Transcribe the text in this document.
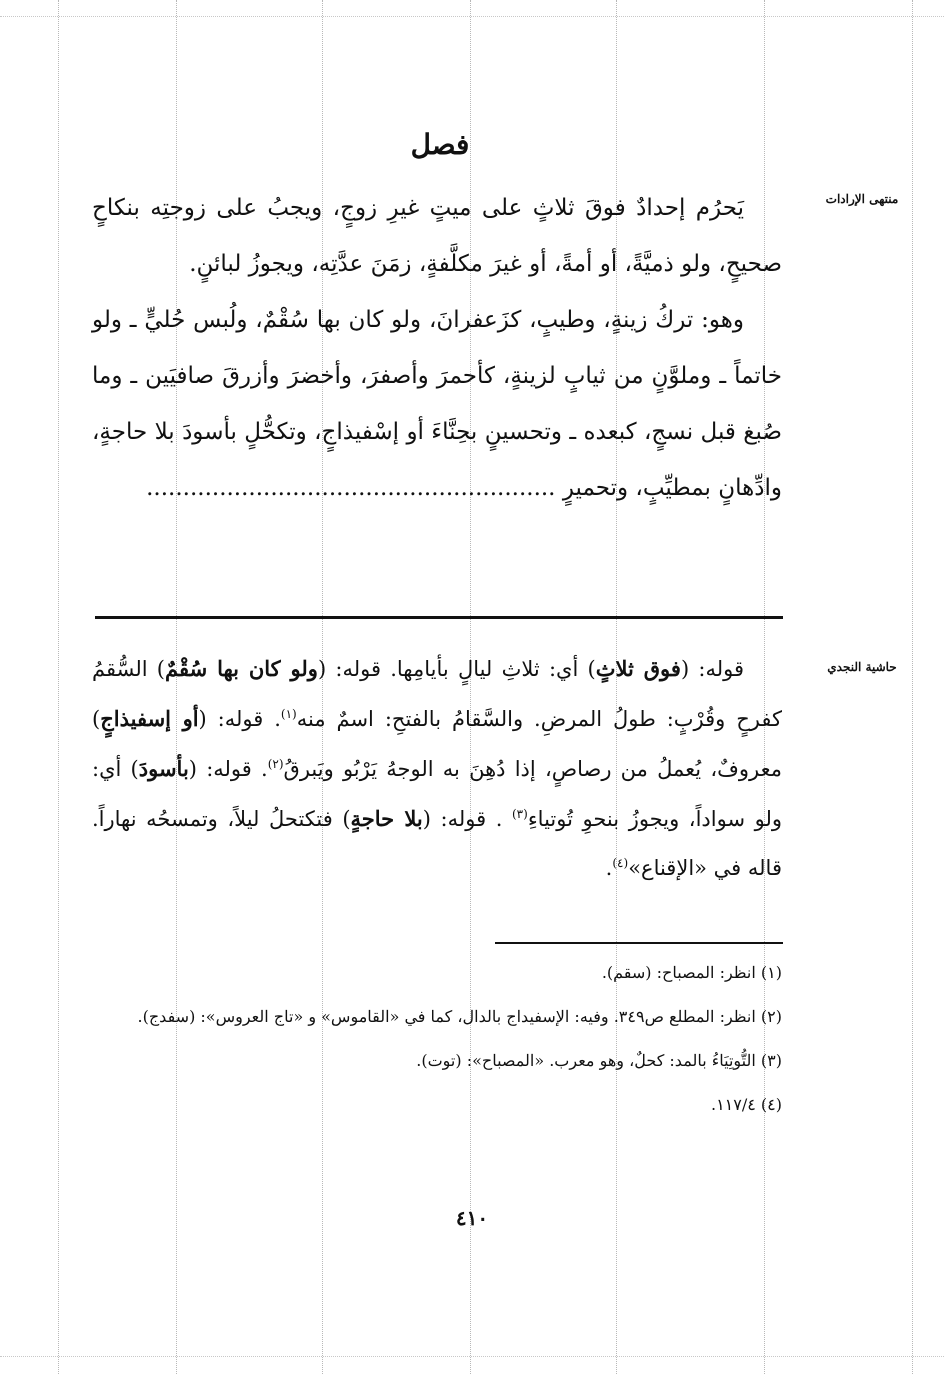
فصل
منتهى الإرادات

يَحرُم إحدادٌ فوقَ ثلاثٍ على ميتٍ غيرِ زوجٍ، ويجبُ على زوجتِه بنكاحٍ صحيحٍ، ولو ذميَّةً، أو أمةً، أو غيرَ مكلَّفةٍ، زمَنَ عدَّتِه، ويجوزُ لبائنٍ.

وهو: تركُ زينةٍ، وطيبٍ، كزَعفرانَ، ولو كان بها سُقْمٌ، ولُبس حُليٍّ ـ ولو خاتماً ـ وملوَّنٍ من ثيابٍ لزينةٍ، كأحمرَ وأصفرَ، وأخضرَ وأزرقَ صافيَين ـ وما صُبغ قبل نسجٍ، كبعده ـ وتحسينٍ بحِنَّاءَ أو إسْفيذاجٍ، وتكحُّلٍ بأسودَ بلا حاجةٍ، وادِّهانٍ بمطيِّبٍ، وتحميرٍ ........................................................

حاشية النجدي

قوله: (فوق ثلاثٍ) أي: ثلاثِ ليالٍ بأيامِها. قوله: (ولو كان بها سُقْمٌ) السُّقمُ كفرحٍ وقُرْبٍ: طولُ المرضِ. والسَّقامُ بالفتحِ: اسمٌ منه$^{(١)}$. قوله: (أو إسفيذاجٍ) معروفٌ، يُعملُ من رصاصٍ، إذا دُهِنَ به الوجهُ يَرْبُو ويَبرقُ$^{(٢)}$. قوله: (بأسودَ) أي: ولو سواداً، ويجوزُ بنحوِ تُوتياءِ$^{(٣)}$ . قوله: (بلا حاجةٍ) فتكتحلُ ليلاً، وتمسحُه نهاراً. قاله في «الإقناع»$^{(٤)}$.

(١) انظر: المصباح: (سقم).

(٢) انظر: المطلع ص٣٤٩. وفيه: الإسفيداج بالدال، كما في «القاموس» و «تاج العروس»: (سفدج).

(٣) التُّوتِيَاءُ بالمد: كحلٌ، وهو معرب. «المصباح»: (توت).

(٤) ١١٧/٤.

٤١٠
